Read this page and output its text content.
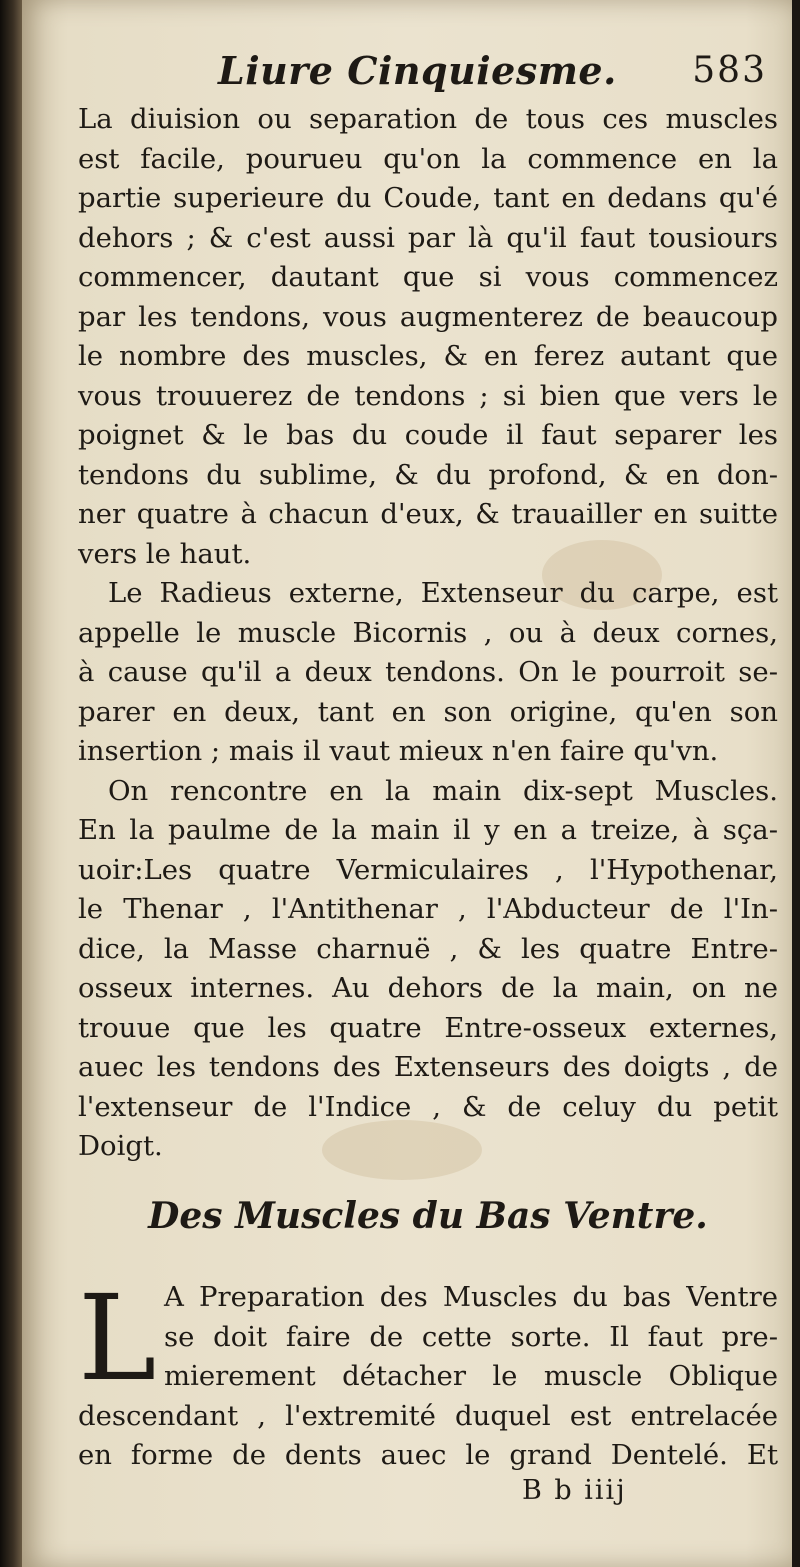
Liure Cinquiesme. 583
La diuision ou separation de tous ces muscles
est facile, pourueu qu'on la commence en la
partie superieure du Coude, tant en dedans qu'é
dehors ; & c'est aussi par là qu'il faut tousiours
commencer, dautant que si vous commencez
par les tendons, vous augmenterez de beaucoup
le nombre des muscles, & en ferez autant que
vous trouuerez de tendons ; si bien que vers le
poignet & le bas du coude il faut separer les
tendons du sublime, & du profond, & en don-
ner quatre à chacun d'eux, & trauailler en suitte
vers le haut.
Le Radieus externe, Extenseur du carpe, est
appelle le muscle Bicornis , ou à deux cornes,
à cause qu'il a deux tendons. On le pourroit se-
parer en deux, tant en son origine, qu'en son
insertion ; mais il vaut mieux n'en faire qu'vn.
On rencontre en la main dix-sept Muscles.
En la paulme de la main il y en a treize, à sça-
uoir:Les quatre Vermiculaires , l'Hypothenar,
le Thenar , l'Antithenar , l'Abducteur de l'In-
dice, la Masse charnuë , & les quatre Entre-
osseux internes. Au dehors de la main, on ne
trouue que les quatre Entre-osseux externes,
auec les tendons des Extenseurs des doigts , de
l'extenseur de l'Indice , & de celuy du petit
Doigt.
Des Muscles du Bas Ventre.
L A Preparation des Muscles du bas Ventre
se doit faire de cette sorte. Il faut pre-
mierement détacher le muscle Oblique
descendant , l'extremité duquel est entrelacée
en forme de dents auec le grand Dentelé. Et
B b iiij
